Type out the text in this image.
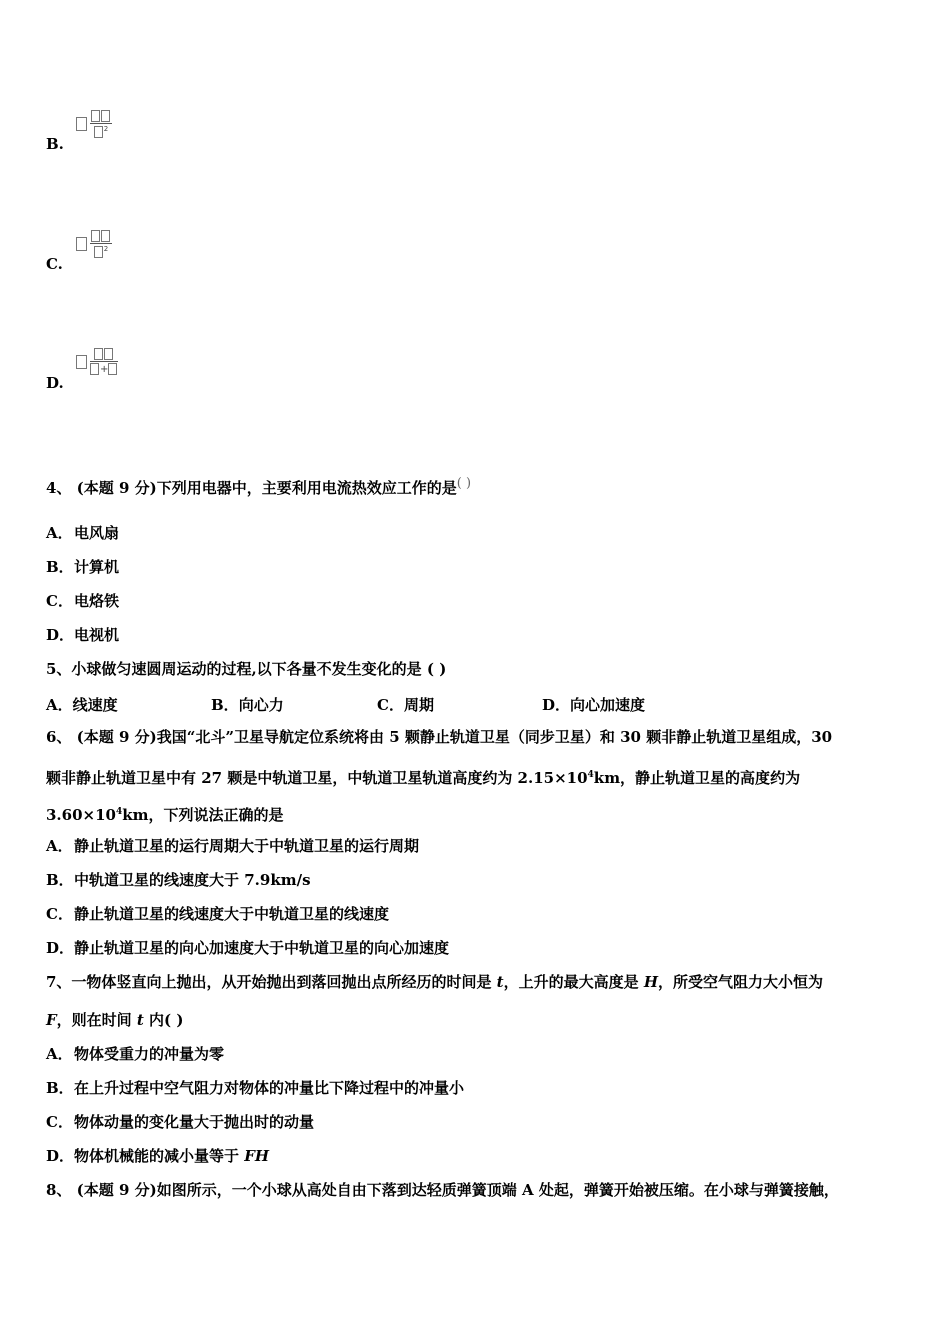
$^2$
B.
$^2$
C.
+
D.
4、 (本题 9 分)下列用电器中，主要利用电流热效应工作的是( )
A．电风扇
B．计算机
C．电烙铁
D．电视机
5、小球做匀速圆周运动的过程,以下各量不发生变化的是 ( )
A．线速度	B．向心力	C．周期	D．向心加速度
6、 (本题 9 分)我国“北斗”卫星导航定位系统将由 5 颗静止轨道卫星（同步卫星）和 30 颗非静止轨道卫星组成，30
颗非静止轨道卫星中有 27 颗是中轨道卫星，中轨道卫星轨道高度约为 $2.15\times 10^4km$，静止轨道卫星的高度约为
$3.60\times 10^4km$，下列说法正确的是
A．静止轨道卫星的运行周期大于中轨道卫星的运行周期
B．中轨道卫星的线速度大于 7.9km/s
C．静止轨道卫星的线速度大于中轨道卫星的线速度
D．静止轨道卫星的向心加速度大于中轨道卫星的向心加速度
7、一物体竖直向上抛出，从开始抛出到落回抛出点所经历的时间是 t，上升的最大高度是 H，所受空气阻力大小恒为
F，则在时间 t 内( )
A．物体受重力的冲量为零
B．在上升过程中空气阻力对物体的冲量比下降过程中的冲量小
C．物体动量的变化量大于抛出时的动量
D．物体机械能的减小量等于 FH
8、 (本题 9 分)如图所示，一个小球从高处自由下落到达轻质弹簧顶端 A 处起，弹簧开始被压缩。在小球与弹簧接触，
